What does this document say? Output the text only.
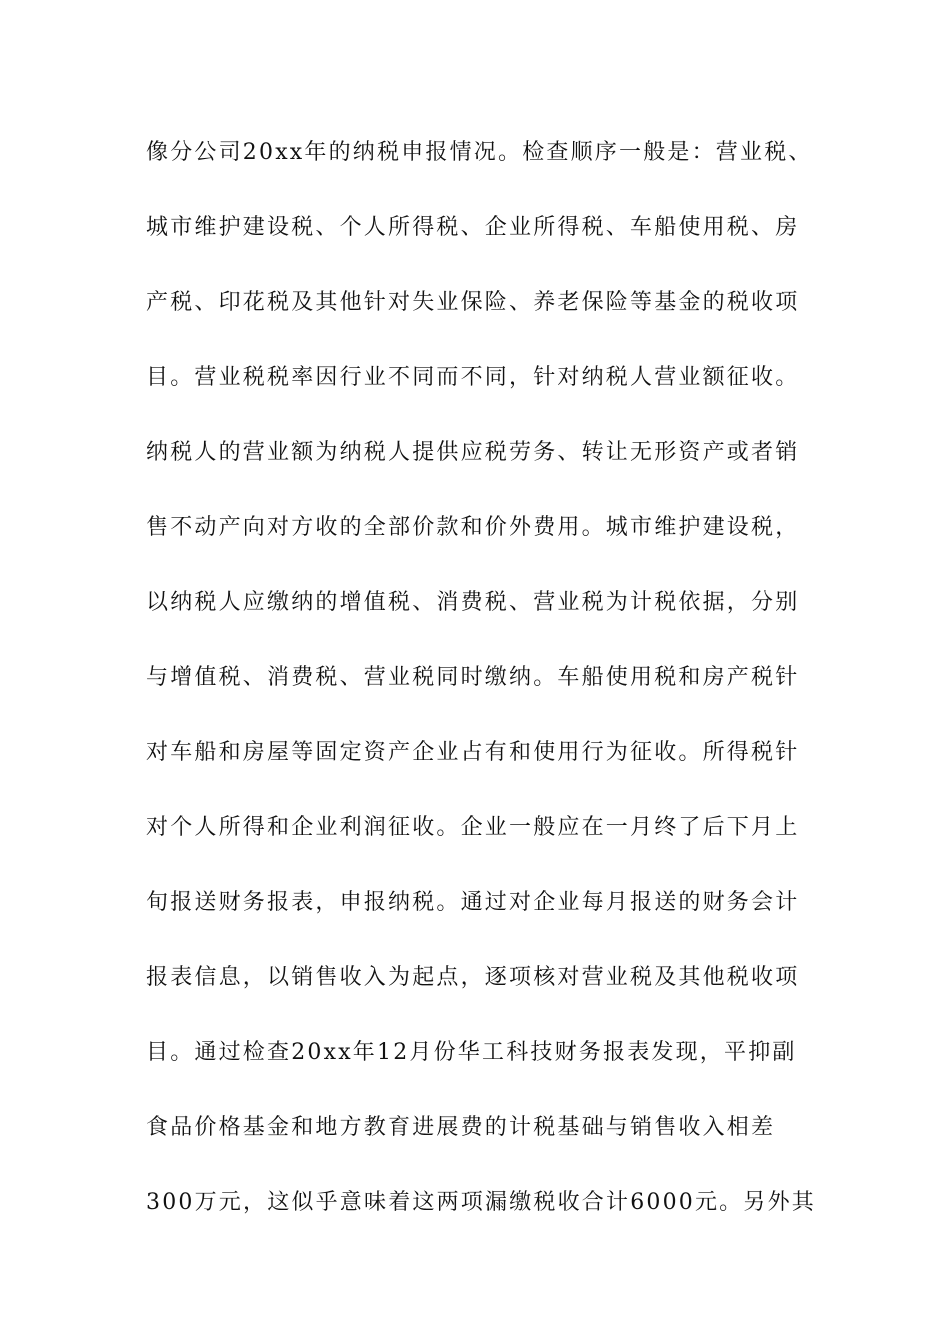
像分公司20xx年的纳税申报情况。检查顺序一般是：营业税、
城市维护建设税、个人所得税、企业所得税、车船使用税、房
产税、印花税及其他针对失业保险、养老保险等基金的税收项
目。营业税税率因行业不同而不同，针对纳税人营业额征收。
纳税人的营业额为纳税人提供应税劳务、转让无形资产或者销
售不动产向对方收的全部价款和价外费用。城市维护建设税，
以纳税人应缴纳的增值税、消费税、营业税为计税依据，分别
与增值税、消费税、营业税同时缴纳。车船使用税和房产税针
对车船和房屋等固定资产企业占有和使用行为征收。所得税针
对个人所得和企业利润征收。企业一般应在一月终了后下月上
旬报送财务报表，申报纳税。通过对企业每月报送的财务会计
报表信息，以销售收入为起点，逐项核对营业税及其他税收项
目。通过检查20xx年12月份华工科技财务报表发现，平抑副
食品价格基金和地方教育进展费的计税基础与销售收入相差
300万元，这似乎意味着这两项漏缴税收合计6000元。另外其
